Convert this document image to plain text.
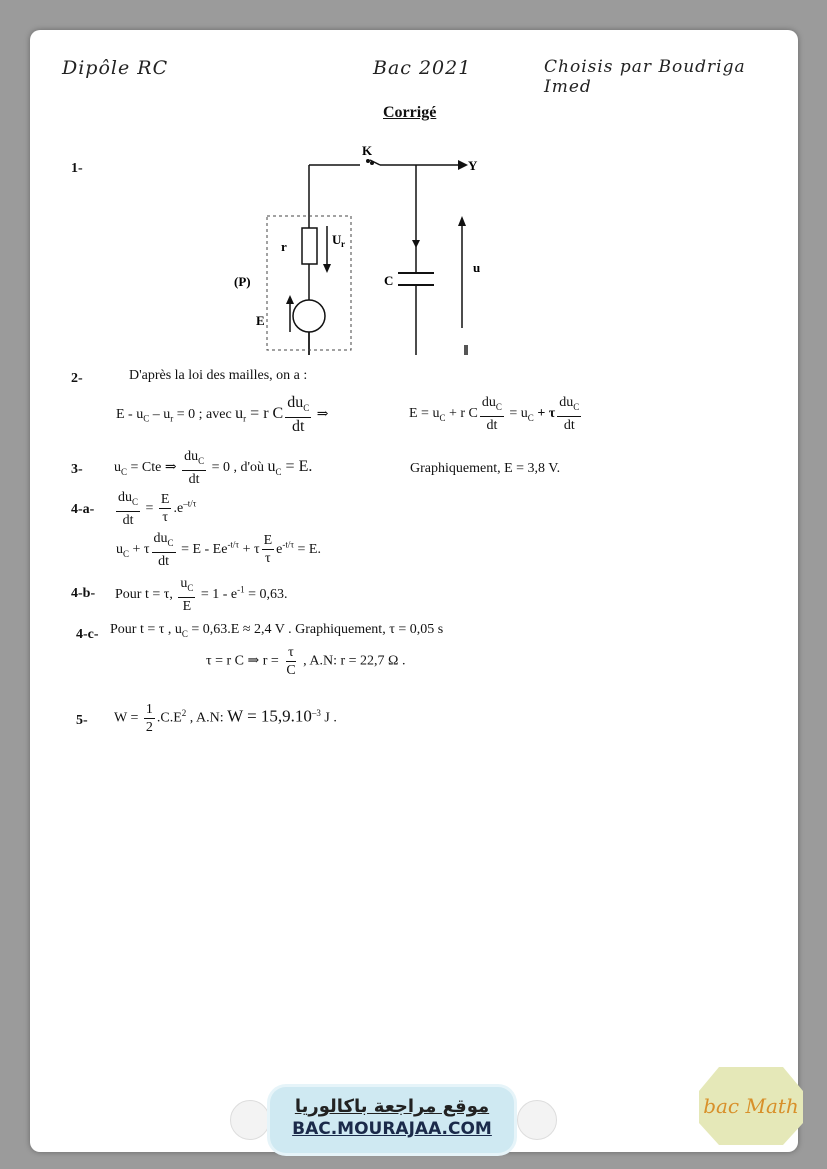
Dipôle RC	Bac 2021	Choisis par Boudriga Imed
Corrigé
1-
K
Y
r	U r
(P)
E
C
u
2-	D'après la loi des mailles, on a :
$E - u_C - u_r = 0$ ; avec $u_r = r$ C $\frac{du_C}{dt}$ ⇒	$E = u_C + r$ C $\frac{du_C}{dt} = u_C + \tau \frac{du_C}{dt}$
3- $u_C$ = Cte ⇒ $\frac{du_C}{dt} = 0$ , d'où $u_C = E$.	Graphiquement, E = 3,8 V.
$4-a- \frac{du_C}{dt} = \frac{E}{\tau} .e^{-t/\tau}$
$u_C + \tau \frac{du_C}{dt} = E - Ee^{-t/\tau} + \tau \frac{E}{\tau} e^{-t/\tau} = E$.
4-b- Pour t = τ, $\frac{u_C}{E} = 1 - e^{-1} = 0,63$.
4-c- Pour t = τ , $u_C = 0,63.E \approx 2,4$ V . Graphiquement, τ = 0,05 s
τ = r C ⇒ $r = \frac{\tau}{C}$ , A.N: r = 22,7 Ω .
5- $W = \frac{1}{2} .C.E^2$ , A.N: $W = 15,9.10^{-3}$ J .
موقع مراجعة باكالوريا
BAC.MOURAJAA.COM
bac Math
